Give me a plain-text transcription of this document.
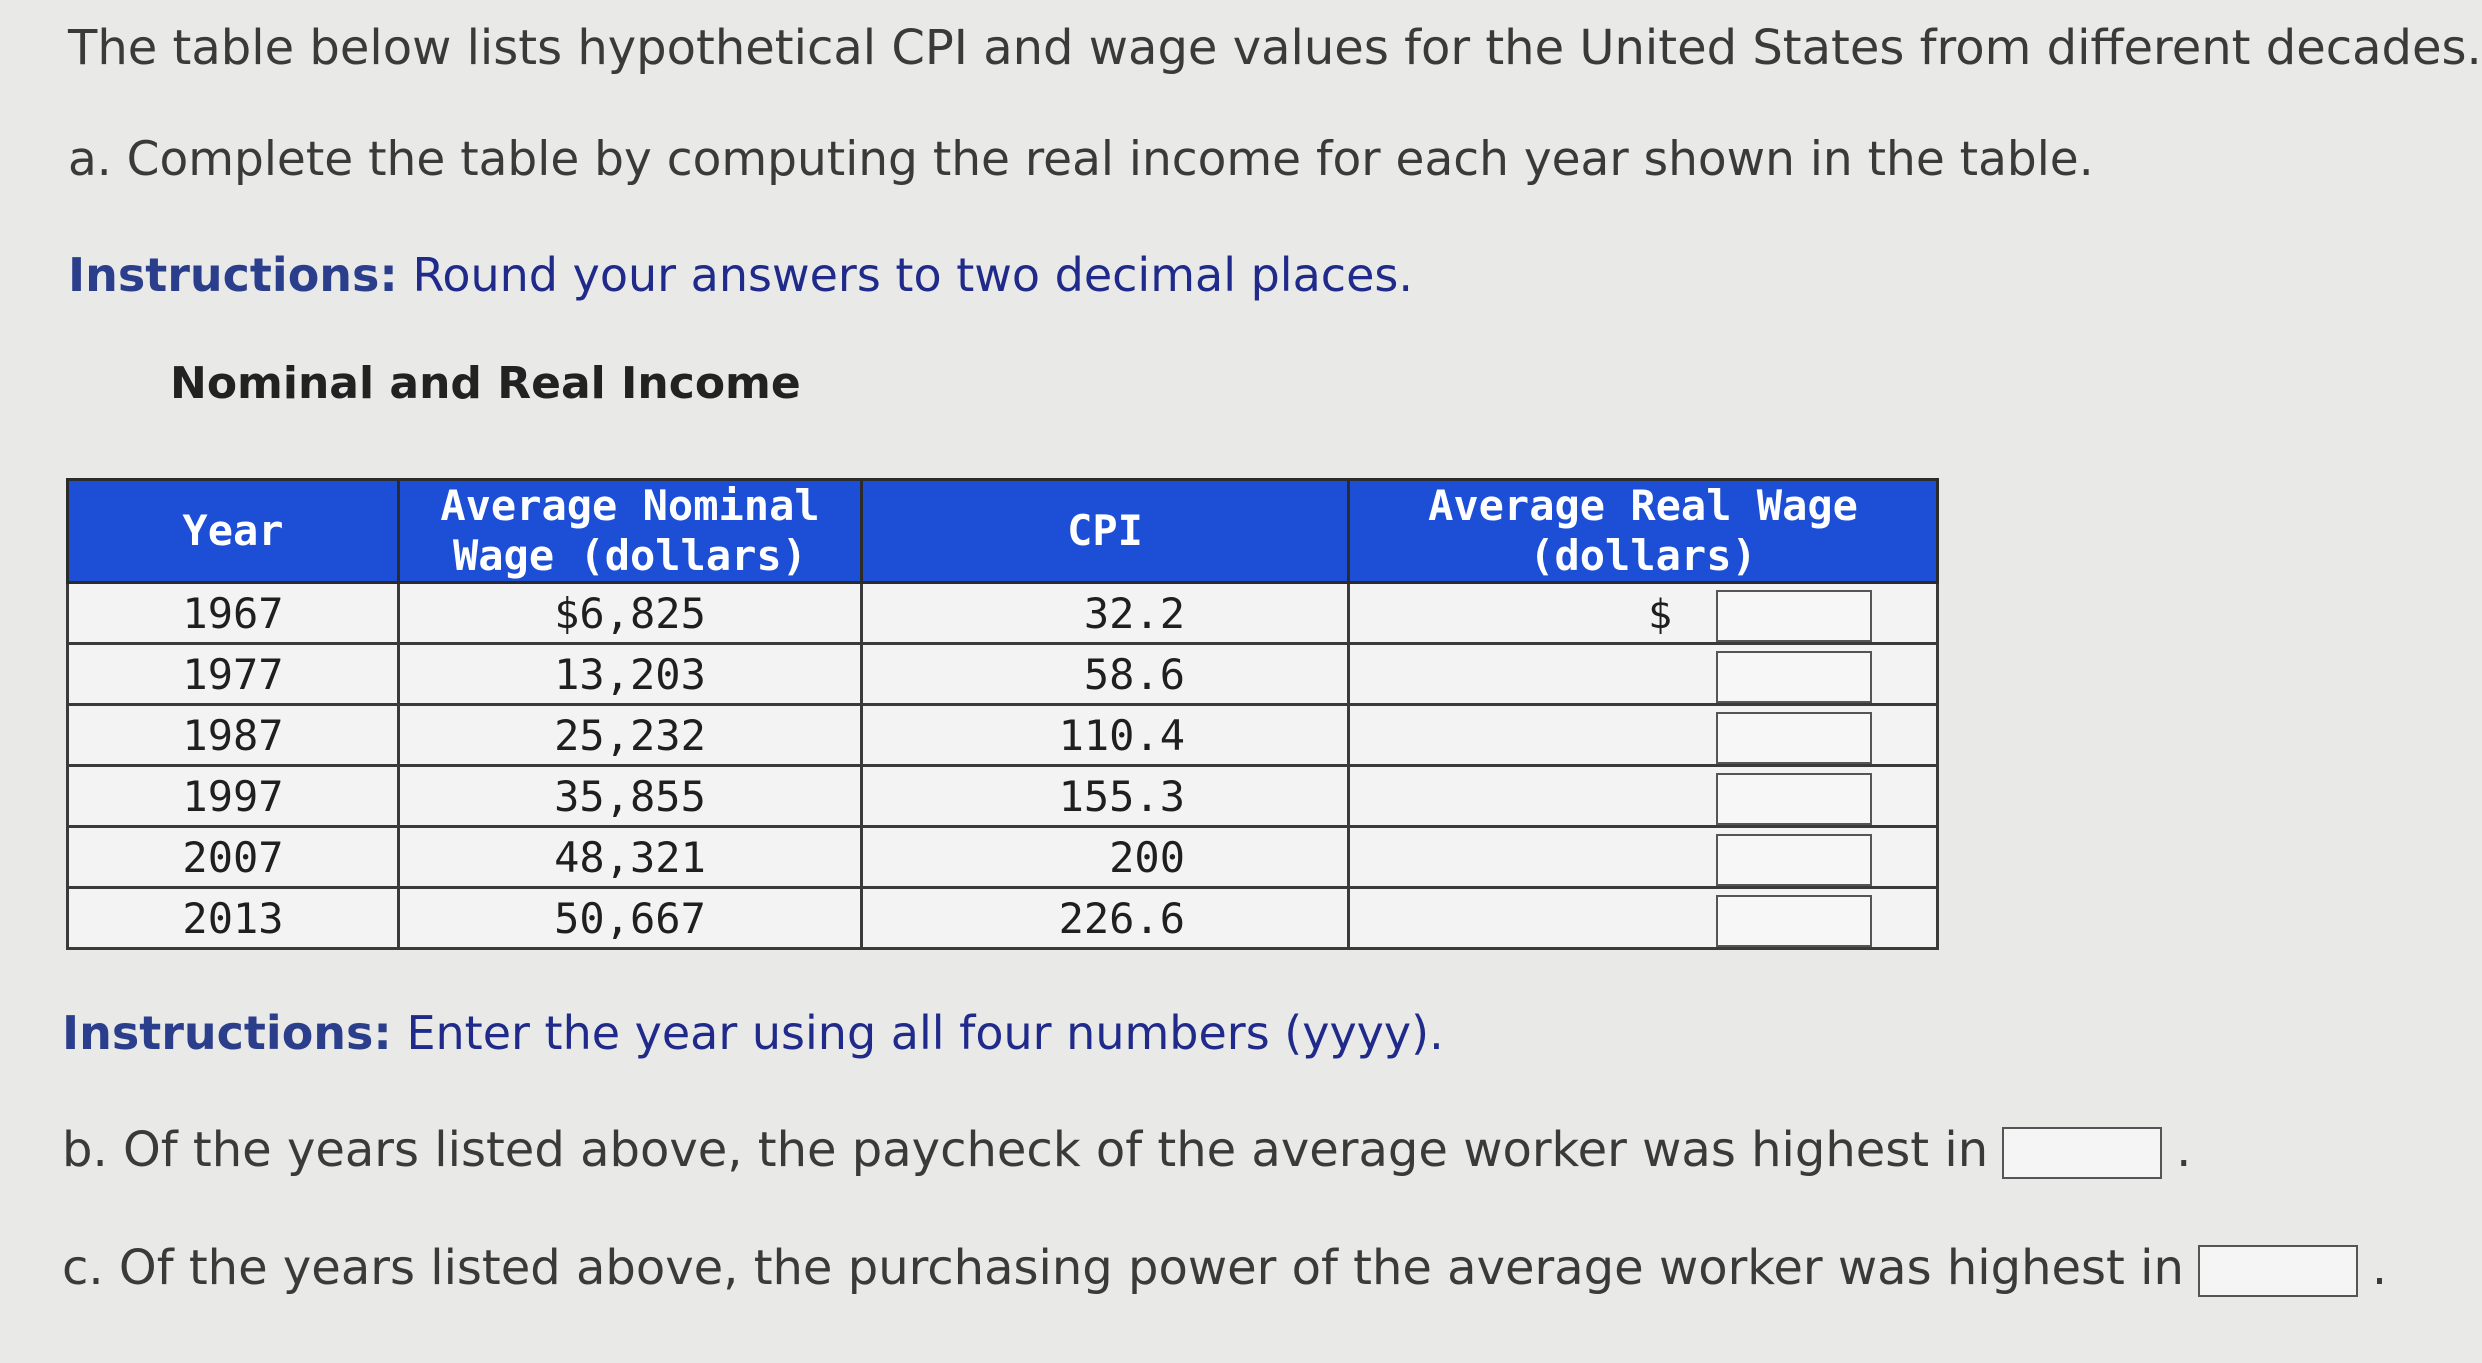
The table below lists hypothetical CPI and wage values for the United States from different decades.
a. Complete the table by computing the real income for each year shown in the table.
Instructions: Round your answers to two decimal places.
Nominal and Real Income
Year	Average Nominal Wage (dollars)	CPI	Average Real Wage (dollars)
1967	$6,825	32.2	$

1977	13,203	58.6	

1987	25,232	110.4	

1997	35,855	155.3	

2007	48,321	200	

2013	50,667	226.6	
Instructions: Enter the year using all four numbers (yyyy).
b. Of the years listed above, the paycheck of the average worker was highest in	.
c. Of the years listed above, the purchasing power of the average worker was highest in	.
